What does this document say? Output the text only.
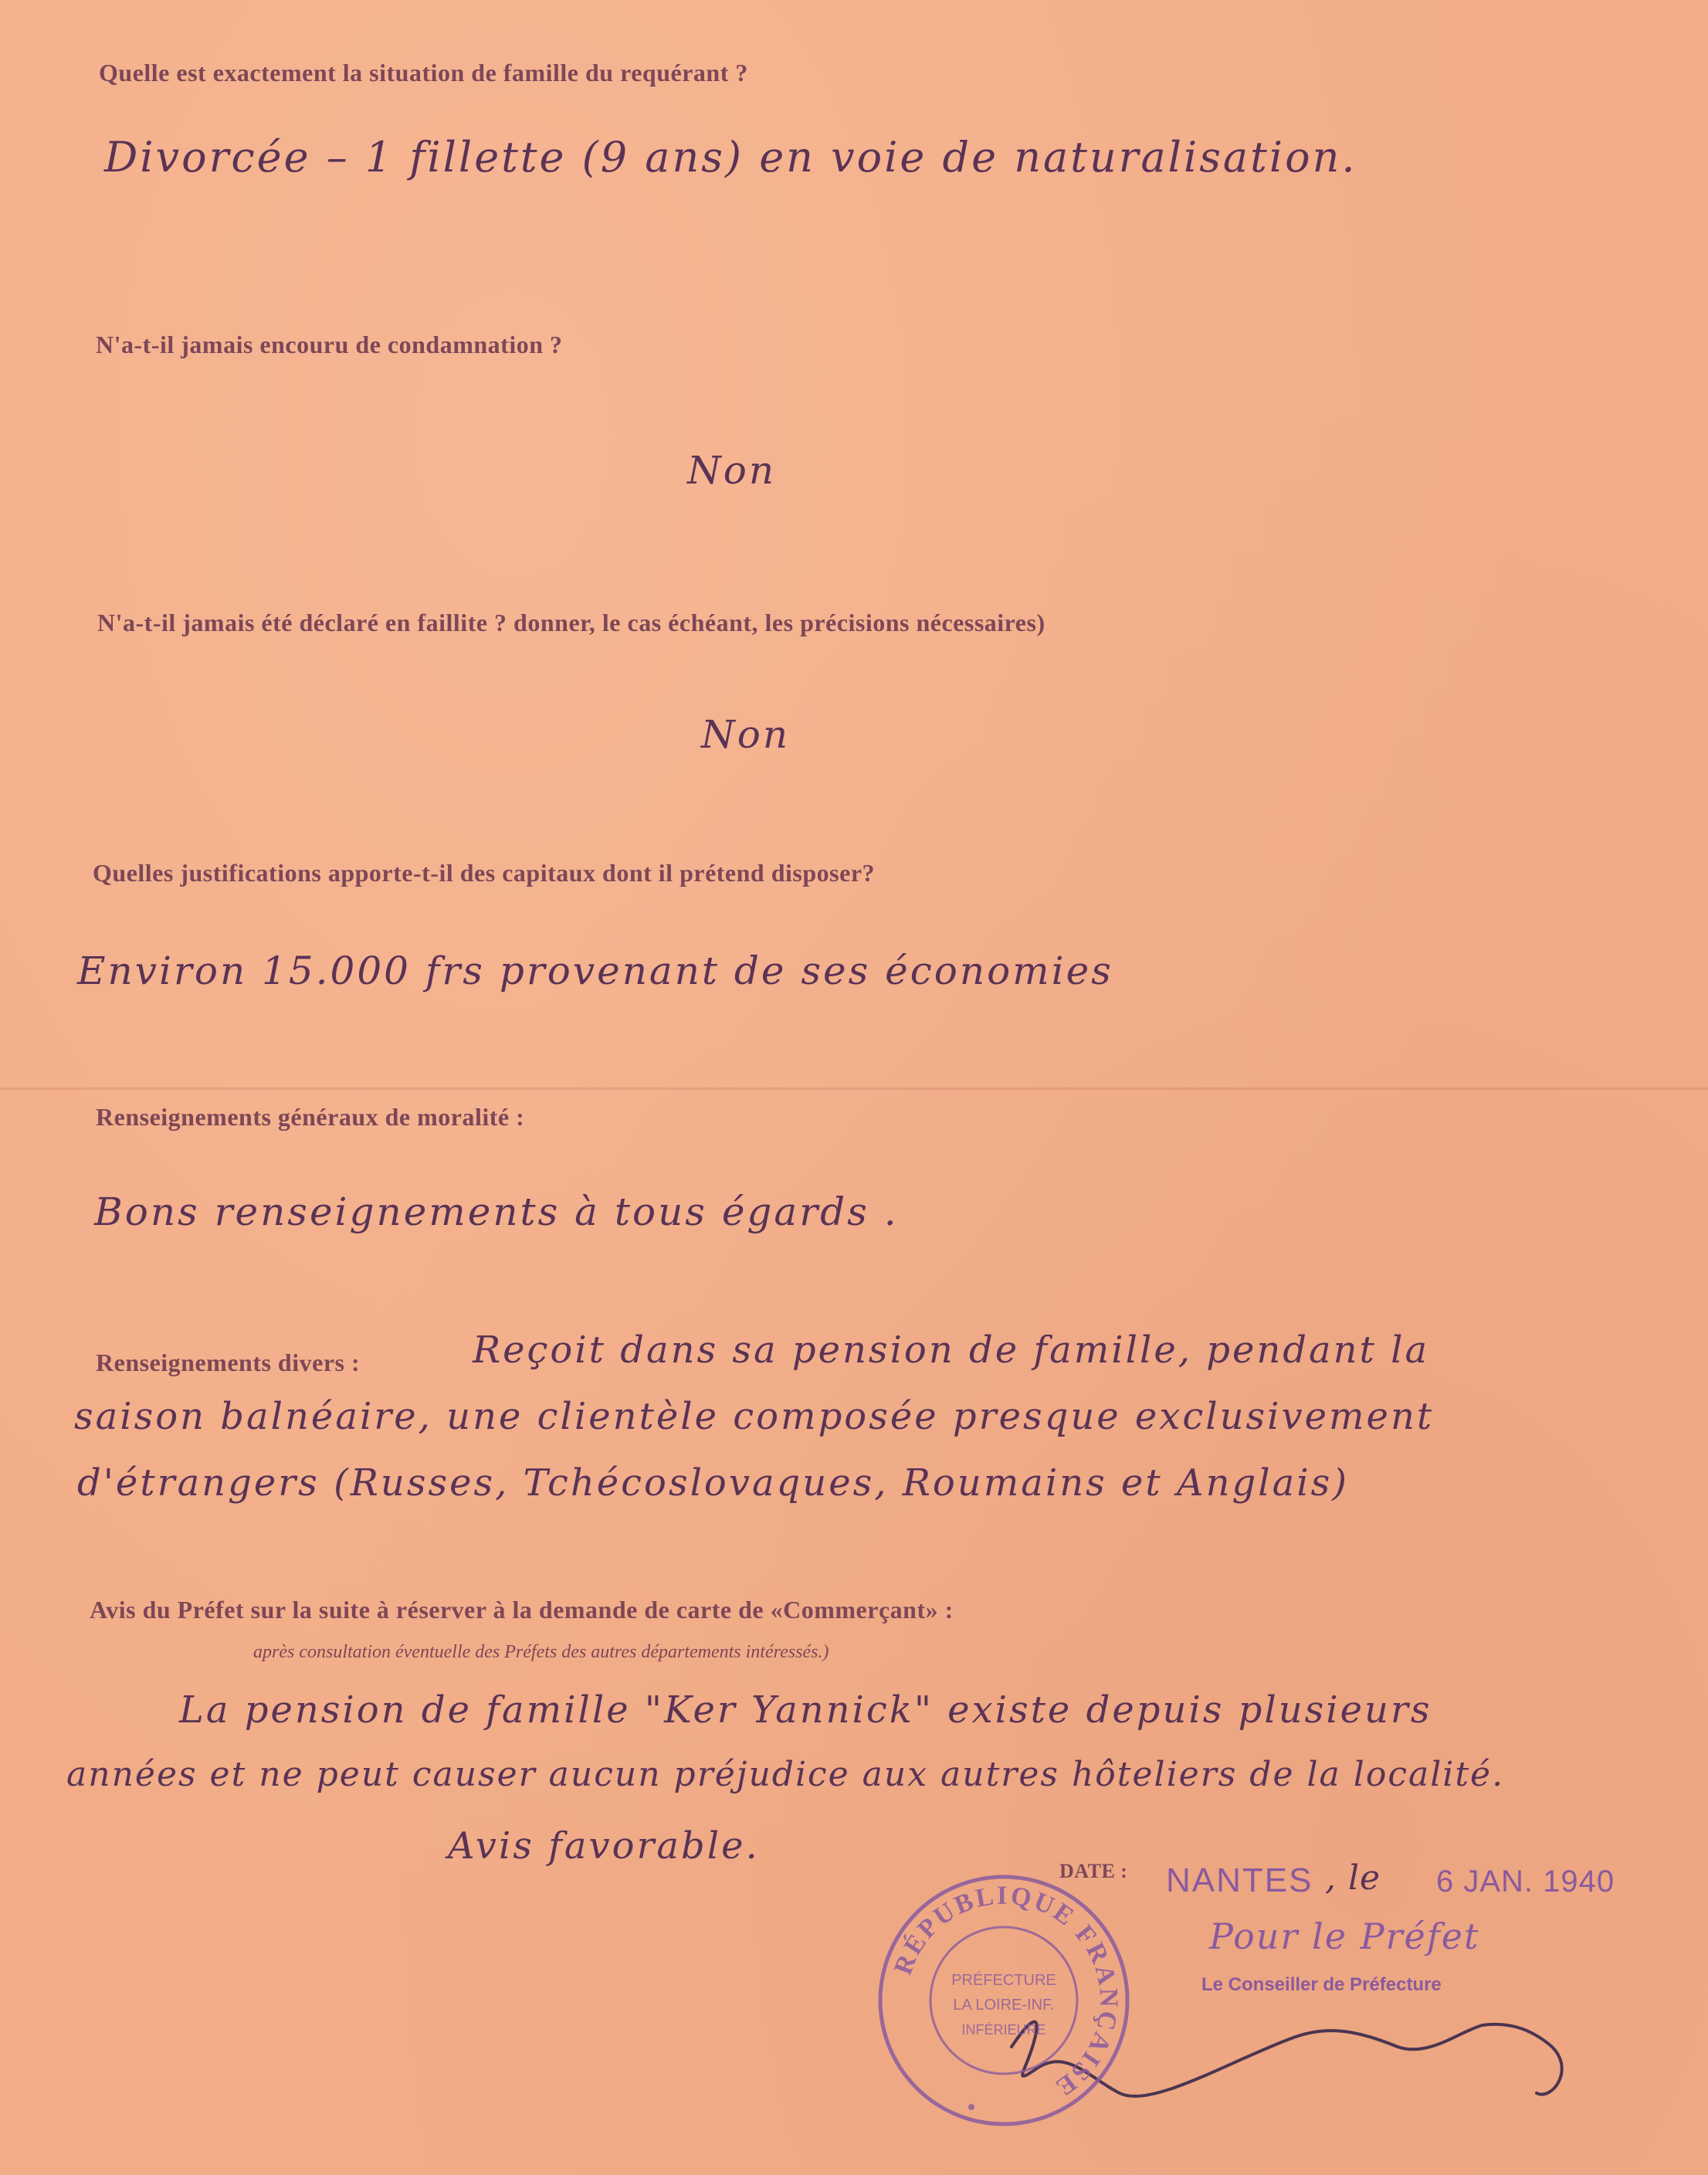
Quelle est exactement la situation de famille du requérant ?
Divorcée – 1 fillette (9 ans) en voie de naturalisation.
N'a-t-il jamais encouru de condamnation ?
Non
N'a-t-il jamais été déclaré en faillite ? donner, le cas échéant, les précisions nécessaires)
Non
Quelles justifications apporte-t-il des capitaux dont il prétend disposer?
Environ 15.000 frs provenant de ses économies
Renseignements généraux de moralité :
Bons renseignements à tous égards .
Renseignements divers :	Reçoit dans sa pension de famille, pendant la
saison balnéaire, une clientèle composée presque exclusivement
d'étrangers (Russes, Tchécoslovaques, Roumains et Anglais)
Avis du Préfet sur la suite à réserver à la demande de carte de «Commerçant» :
après consultation éventuelle des Préfets des autres départements intéressés.)
La pension de famille "Ker Yannick" existe depuis plusieurs
années et ne peut causer aucun préjudice aux autres hôteliers de la localité.
Avis favorable.
DATE : NANTES , le 6 JAN. 1940
Pour le Préfet
Le Conseiller de Préfecture
RÉPUBLIQUE FRANÇAISE
PRÉFECTURE
LA LOIRE-INF.
INFÉRIEURE
